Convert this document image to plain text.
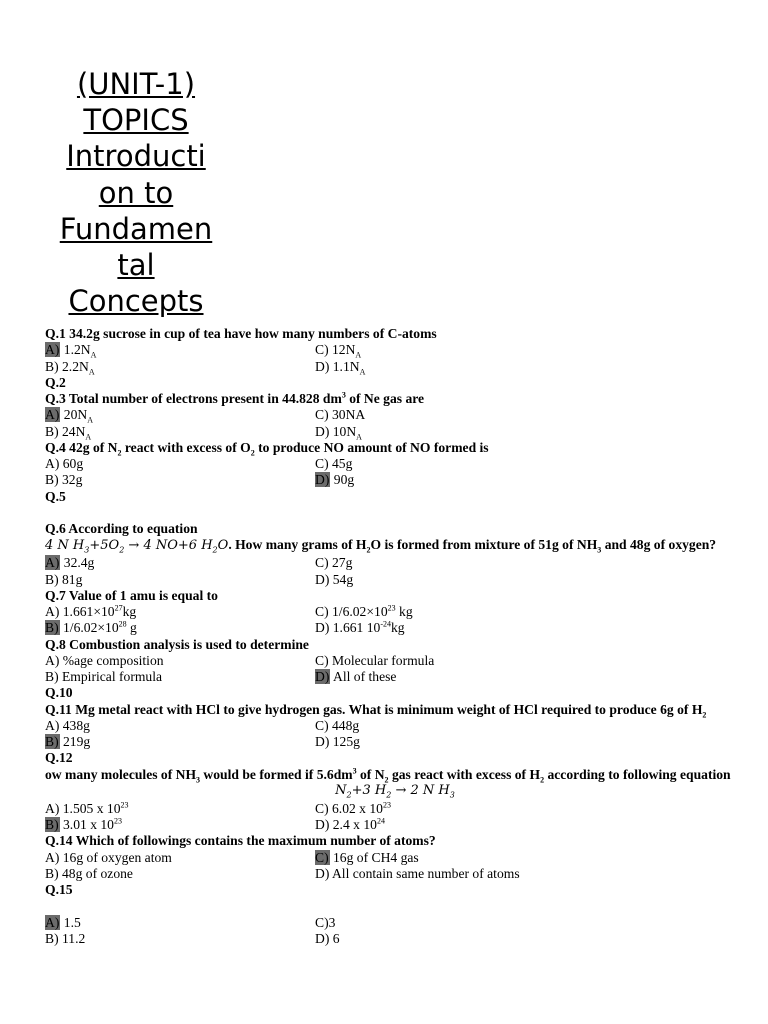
(UNIT-1)
TOPICS
Introducti
on to
Fundamen
tal
Concepts
Q.1 34.2g sucrose in cup of tea have how many numbers of C-atoms
A) $1.2N_A$	C) $12N_A$
B) $2.2N_A$	D) $1.1N_A$
Q.2
Q.3 Total number of electrons present in 44.828 $dm^3$ of Ne gas are
A) $20N_A$	C) 30NA
B) $24N_A$	D) $10N_A$
Q.4 42g of $N_2$ react with excess of $O_2$ to produce NO amount of NO formed is
A) 60g	C) 45g
B) 32g	D) 90g
Q.5
Q.6 According to equation
4 N $H_3+5O_2 \to 4$ NO+6 $H_2O$. How many grams of $H_2O$ is formed from mixture of 51g of $NH_3$ and 48g of oxygen?
A) 32.4g	C) 27g
B) 81g	D) 54g
Q.7 Value of 1 amu is equal to
A) $1.661\times 10^{27}kg$	C) $1/6.02\times 10^{23}$ kg
B) $1/6.02\times 10^{28}$ g	D) 1.661 $10^{-24}kg$
Q.8 Combustion analysis is used to determine
A) %age composition	C) Molecular formula
B) Empirical formula	D) All of these
Q.10
Q.11 Mg metal react with HCl to give hydrogen gas. What is minimum weight of HCl required to produce 6g of $H_2$
A) 438g	C) 448g
B) 219g	D) 125g
Q.12
ow many molecules of $NH_3$ would be formed if $5.6dm^3$ of $N_2$ gas react with excess of $H_2$ according to following equation
$N_2+3$ $H_2 \to 2$ N $H_3$
A) 1.505 x $10^{23}$	C) 6.02 x $10^{23}$
B) 3.01 x $10^{23}$	D) 2.4 x $10^{24}$
Q.14 Which of followings contains the maximum number of atoms?
A) 16g of oxygen atom	C) 16g of CH4 gas
B) 48g of ozone	D) All contain same number of atoms
Q.15
A) 1.5	C)3
B) 11.2	D) 6
